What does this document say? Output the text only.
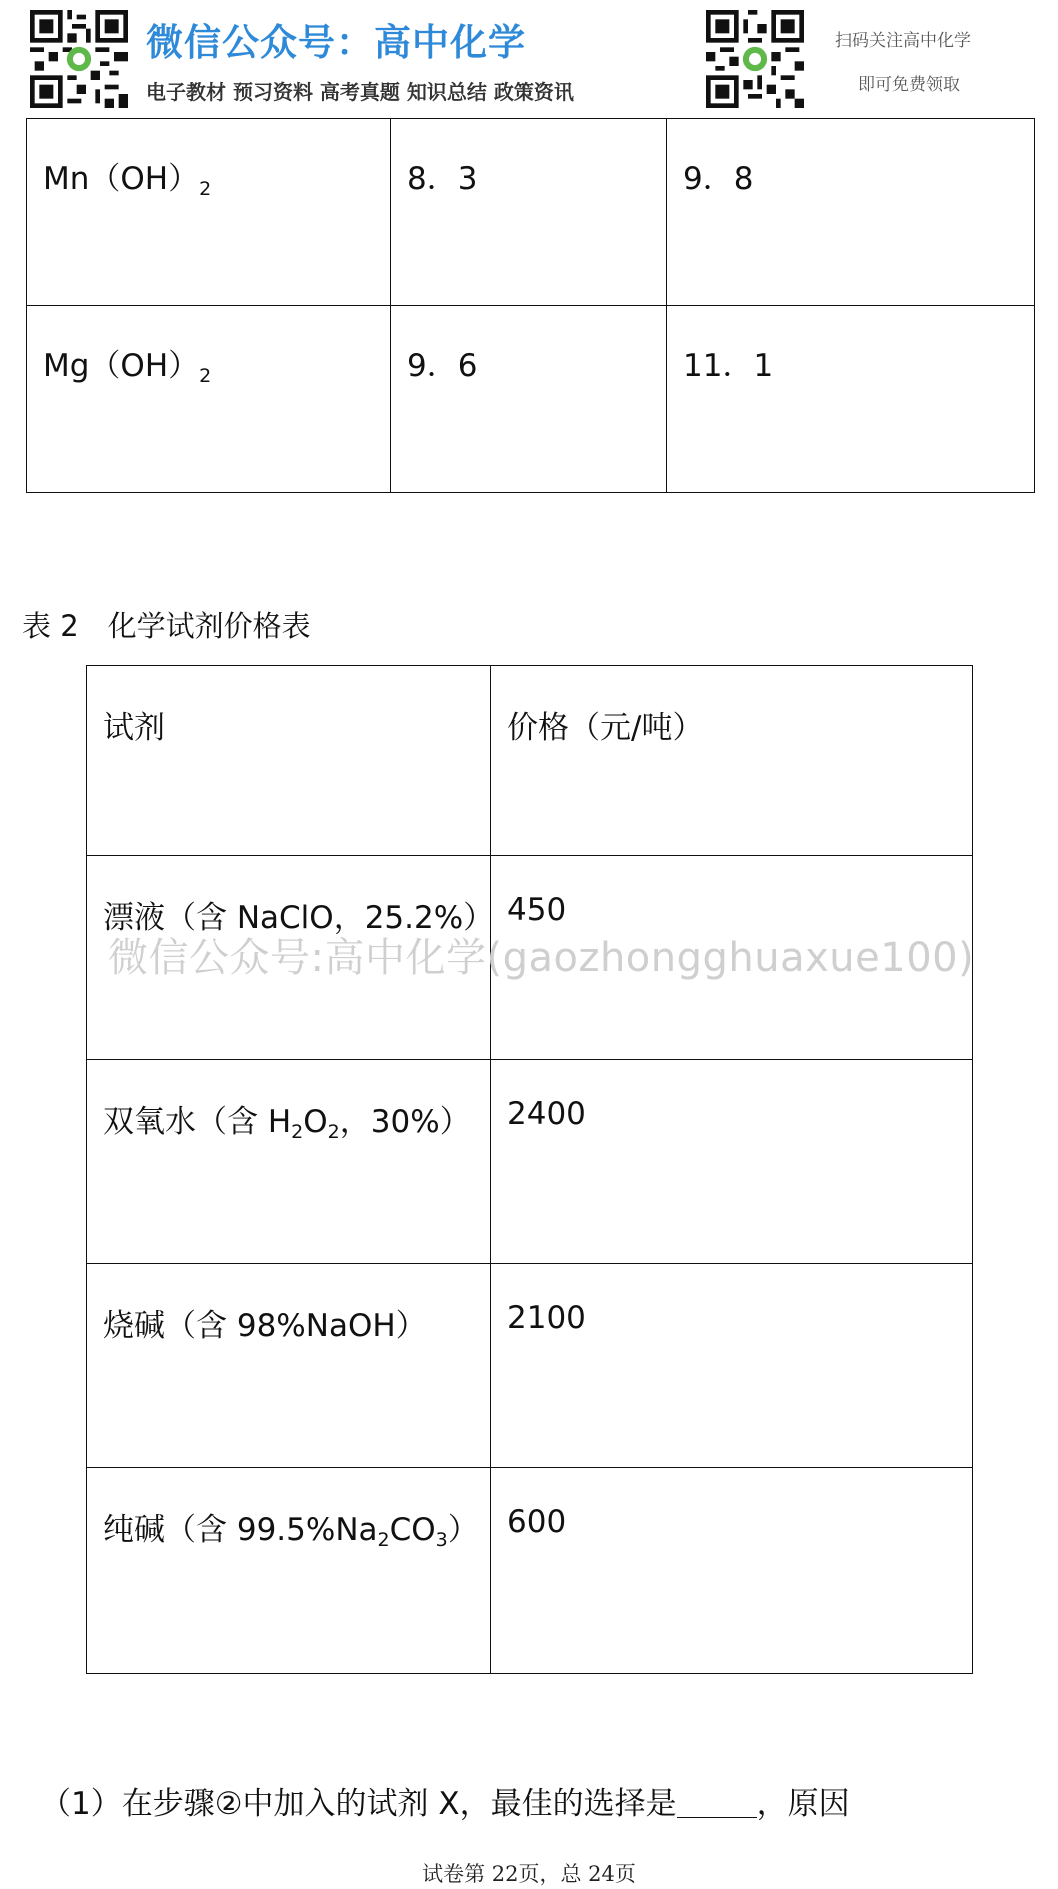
微信公众号：高中化学
电子教材 预习资料 高考真题 知识总结 政策资讯
扫码关注高中化学
即可免费领取
$Mn(OH)_2$	8．3	9．8

$Mg(OH)_2$	9．6	11．1
表 2　化学试剂价格表
试剂	价格（元/吨）

漂液（含 NaClO，25.2%）	450

双氧水（含 $H_2O_2$，30%）	2400

烧碱（含 98%NaOH）	2100

纯碱（含 $99.5\%Na_2CO_3$）	600
微信公众号:高中化学(gaozhongghuaxue100)
（1）在步骤②中加入的试剂 X，最佳的选择是	，原因
试卷第 22页，总 24页
